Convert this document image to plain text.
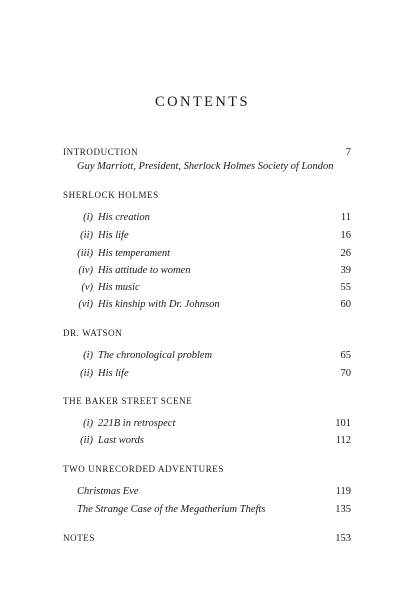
CONTENTS
INTRODUCTION	7
Guy Marriott, President, Sherlock Holmes Society of London
SHERLOCK HOLMES
(i) His creation	11
(ii) His life	16
(iii) His temperament	26
(iv) His attitude to women	39
(v) His music	55
(vi) His kinship with Dr. Johnson	60
DR. WATSON
(i) The chronological problem	65
(ii) His life	70
THE BAKER STREET SCENE
(i) 221B in retrospect	101
(ii) Last words	112
TWO UNRECORDED ADVENTURES
Christmas Eve	119
The Strange Case of the Megatherium Thefts	135
NOTES	153
